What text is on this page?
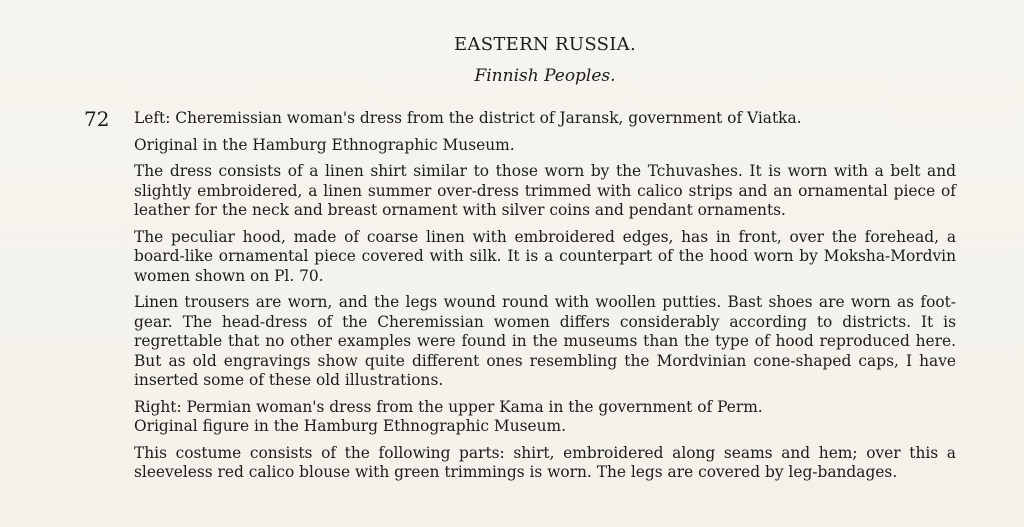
EASTERN RUSSIA.
Finnish Peoples.
72 Left: Cheremissian woman's dress from the district of Jaransk, government of Viatka.

Original in the Hamburg Ethnographic Museum.

The dress consists of a linen shirt similar to those worn by the Tchuvashes. It is worn with a belt and slightly embroidered, a linen summer over-dress trimmed with calico strips and an ornamental piece of leather for the neck and breast ornament with silver coins and pendant ornaments.

The peculiar hood, made of coarse linen with embroidered edges, has in front, over the forehead, a board-like ornamental piece covered with silk. It is a counterpart of the hood worn by Moksha-Mordvin women shown on Pl. 70.

Linen trousers are worn, and the legs wound round with woollen putties. Bast shoes are worn as foot-gear. The head-dress of the Cheremissian women differs considerably according to districts. It is regrettable that no other examples were found in the museums than the type of hood reproduced here. But as old engravings show quite different ones resembling the Mordvinian cone-shaped caps, I have inserted some of these old illustrations.

Right: Permian woman's dress from the upper Kama in the government of Perm.

Original figure in the Hamburg Ethnographic Museum.

This costume consists of the following parts: shirt, embroidered along seams and hem; over this a sleeveless red calico blouse with green trimmings is worn. The legs are covered by leg-bandages.
